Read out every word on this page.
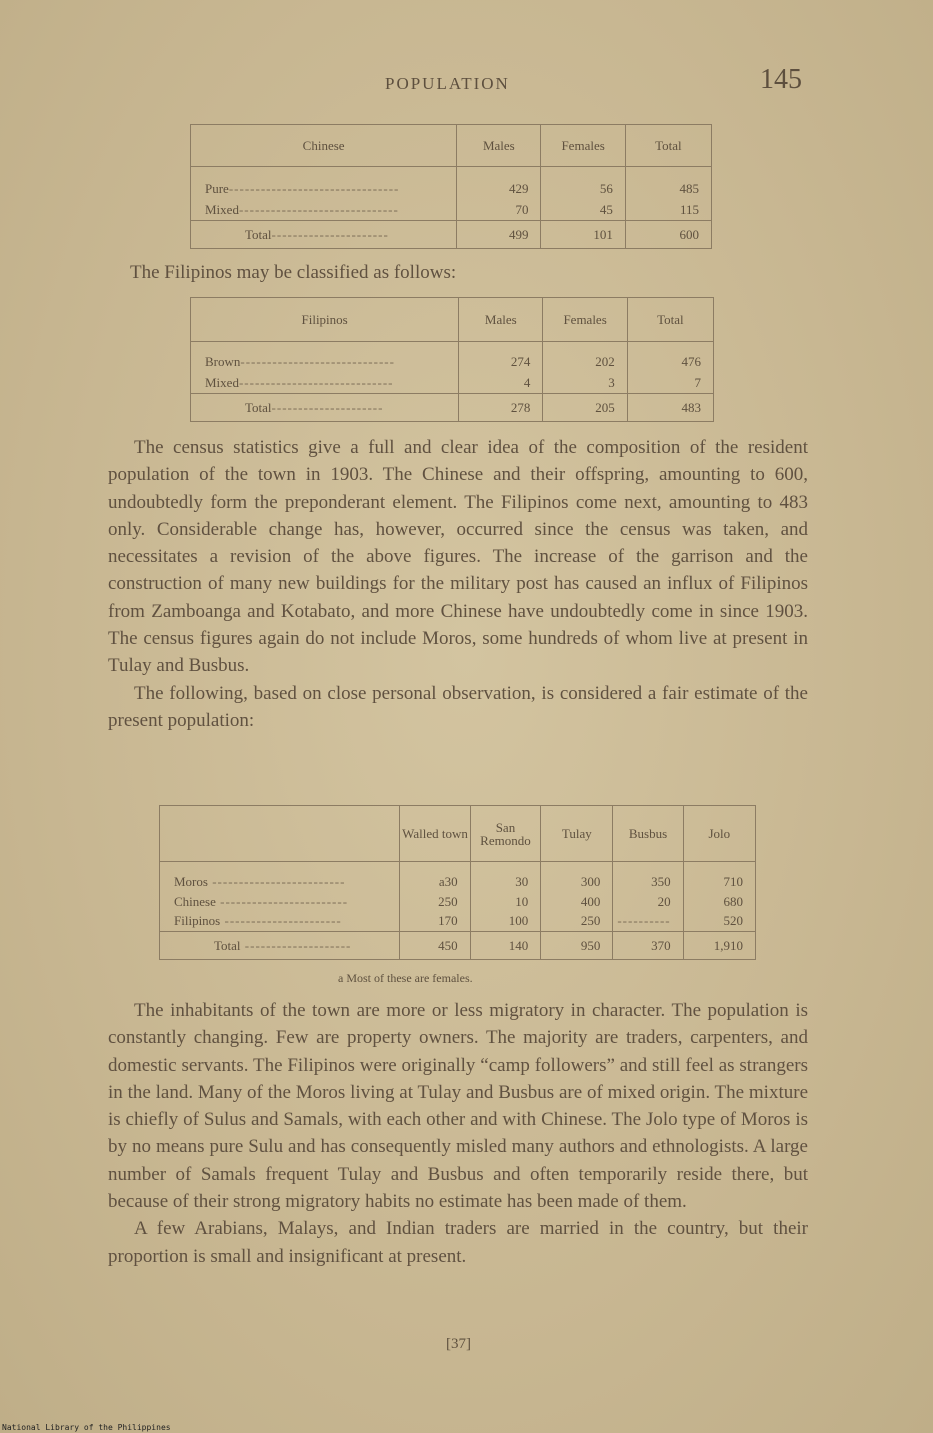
POPULATION	145
Chinese	Males	Females	Total

Pure--------------------------------	429	56	485
Mixed------------------------------	70	45	115
Total----------------------	499	101	600
The Filipinos may be classified as follows:
Filipinos	Males	Females	Total

Brown-----------------------------	274	202	476
Mixed-----------------------------	4	3	7
Total---------------------	278	205	483

The census statistics give a full and clear idea of the composition of the resident population of the town in 1903. The Chinese and their offspring, amounting to 600, undoubtedly form the preponderant element. The Filipinos come next, amounting to 483 only. Considerable change has, however, occurred since the census was taken, and necessitates a revision of the above figures. The increase of the garrison and the construction of many new buildings for the military post has caused an influx of Filipinos from Zamboanga and Kotabato, and more Chinese have undoubtedly come in since 1903. The census figures again do not include Moros, some hundreds of whom live at present in Tulay and Busbus.

The following, based on close personal observation, is considered a fair estimate of the present population:

	Walled town	San Remondo	Tulay	Busbus	Jolo

Moros -------------------------	a30	30	300	350	710
Chinese ------------------------	250	10	400	20	680
Filipinos ----------------------	170	100	250	----------	520
Total --------------------	450	140	950	370	1,910
a Most of these are females.

The inhabitants of the town are more or less migratory in character. The population is constantly changing. Few are property owners. The majority are traders, carpenters, and domestic servants. The Filipinos were originally “camp followers” and still feel as strangers in the land. Many of the Moros living at Tulay and Busbus are of mixed origin. The mixture is chiefly of Sulus and Samals, with each other and with Chinese. The Jolo type of Moros is by no means pure Sulu and has consequently misled many authors and ethnologists. A large number of Samals frequent Tulay and Busbus and often temporarily reside there, but because of their strong migratory habits no estimate has been made of them.

A few Arabians, Malays, and Indian traders are married in the country, but their proportion is small and insignificant at present.

[37]
National Library of the Philippines
